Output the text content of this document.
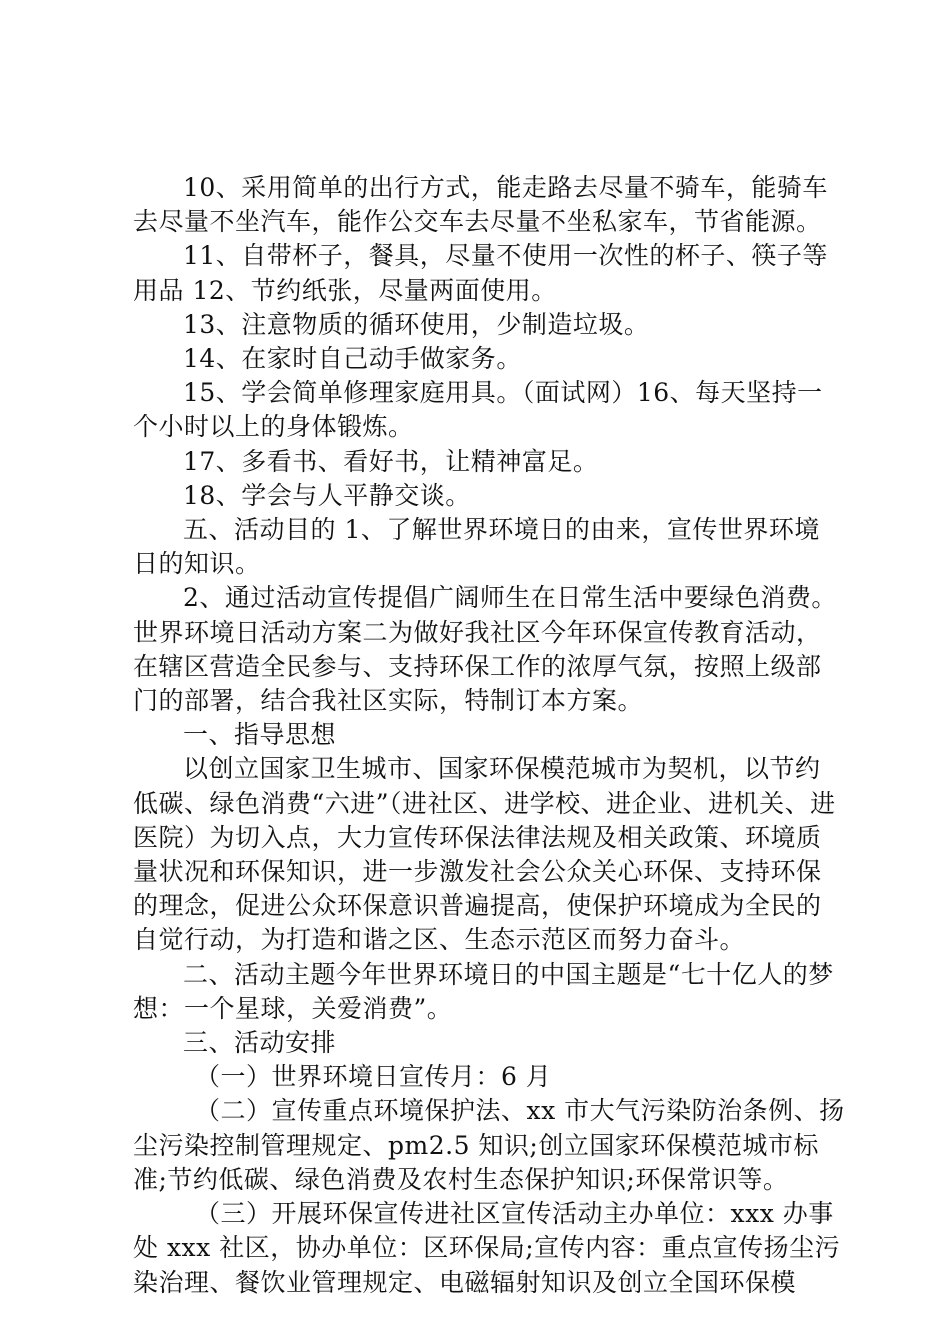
10、采用简单的出行方式，能走路去尽量不骑车，能骑车去尽量不坐汽车，能作公交车去尽量不坐私家车，节省能源。

11、自带杯子，餐具，尽量不使用一次性的杯子、筷子等用品 12、节约纸张，尽量两面使用。

13、注意物质的循环使用，少制造垃圾。

14、在家时自己动手做家务。

15、学会简单修理家庭用具。（面试网）16、每天坚持一个小时以上的身体锻炼。

17、多看书、看好书，让精神富足。

18、学会与人平静交谈。

五、活动目的 1、了解世界环境日的由来，宣传世界环境日的知识。

2、通过活动宣传提倡广阔师生在日常生活中要绿色消费。世界环境日活动方案二为做好我社区今年环保宣传教育活动，在辖区营造全民参与、支持环保工作的浓厚气氛，按照上级部门的部署，结合我社区实际，特制订本方案。

一、指导思想

以创立国家卫生城市、国家环保模范城市为契机，以节约低碳、绿色消费“六进”（进社区、进学校、进企业、进机关、进医院）为切入点，大力宣传环保法律法规及相关政策、环境质量状况和环保知识，进一步激发社会公众关心环保、支持环保的理念，促进公众环保意识普遍提高，使保护环境成为全民的自觉行动，为打造和谐之区、生态示范区而努力奋斗。

二、活动主题今年世界环境日的中国主题是“七十亿人的梦想：一个星球，关爱消费”。

三、活动安排

（一）世界环境日宣传月：6 月

（二）宣传重点环境保护法、xx 市大气污染防治条例、扬尘污染控制管理规定、pm2.5 知识;创立国家环保模范城市标准;节约低碳、绿色消费及农村生态保护知识;环保常识等。

（三）开展环保宣传进社区宣传活动主办单位：xxx 办事处 xxx 社区，协办单位：区环保局;宣传内容：重点宣传扬尘污染治理、餐饮业管理规定、电磁辐射知识及创立全国环保模
